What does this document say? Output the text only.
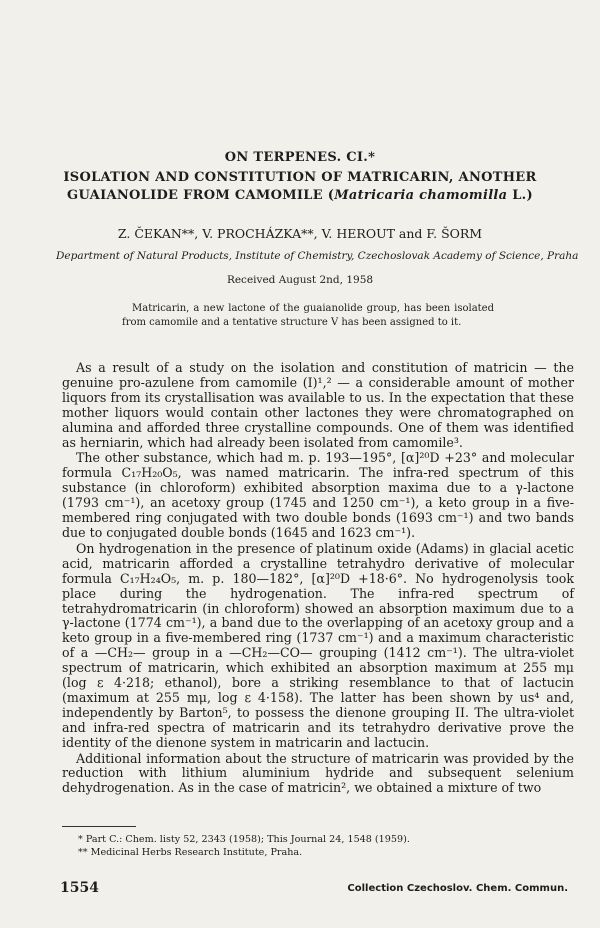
ON TERPENES. CI.*
ISOLATION AND CONSTITUTION OF MATRICARIN, ANOTHER
GUAIANOLIDE FROM CAMOMILE (Matricaria chamomilla L.)
Z. ČEKAN**, V. PROCHÁZKA**, V. HEROUT and F. ŠORM
Department of Natural Products, Institute of Chemistry, Czechoslovak Academy of Science, Praha
Received August 2nd, 1958

Matricarin, a new lactone of the guaianolide group, has been isolated from camomile and a tentative structure V has been assigned to it.

As a result of a study on the isolation and constitution of matricin — the genuine pro-azulene from camomile (I)¹,² — a considerable amount of mother liquors from its crystallisation was available to us. In the expectation that these mother liquors would contain other lactones they were chromatographed on alumina and afforded three crystalline compounds. One of them was identified as herniarin, which had already been isolated from camomile³.

The other substance, which had m. p. 193—195°, [α]²⁰D +23° and molecular formula C₁₇H₂₀O₅, was named matricarin. The infra-red spectrum of this substance (in chloroform) exhibited absorption maxima due to a γ-lactone (1793 cm⁻¹), an acetoxy group (1745 and 1250 cm⁻¹), a keto group in a five-membered ring conjugated with two double bonds (1693 cm⁻¹) and two bands due to conjugated double bonds (1645 and 1623 cm⁻¹).

On hydrogenation in the presence of platinum oxide (Adams) in glacial acetic acid, matricarin afforded a crystalline tetrahydro derivative of molecular formula C₁₇H₂₄O₅, m. p. 180—182°, [α]²⁰D +18·6°. No hydrogenolysis took place during the hydrogenation. The infra-red spectrum of tetrahydromatricarin (in chloroform) showed an absorption maximum due to a γ-lactone (1774 cm⁻¹), a band due to the overlapping of an acetoxy group and a keto group in a five-membered ring (1737 cm⁻¹) and a maximum characteristic of a —CH₂— group in a —CH₂—CO— grouping (1412 cm⁻¹). The ultra-violet spectrum of matricarin, which exhibited an absorption maximum at 255 mμ (log ε 4·218; ethanol), bore a striking resemblance to that of lactucin (maximum at 255 mμ, log ε 4·158). The latter has been shown by us⁴ and, independently by Barton⁵, to possess the dienone grouping II. The ultra-violet and infra-red spectra of matricarin and its tetrahydro derivative prove the identity of the dienone system in matricarin and lactucin.

Additional information about the structure of matricarin was provided by the reduction with lithium aluminium hydride and subsequent selenium dehydrogenation. As in the case of matricin², we obtained a mixture of two

* Part C.: Chem. listy 52, 2343 (1958); This Journal 24, 1548 (1959).
** Medicinal Herbs Research Institute, Praha.
1554	Collection Czechoslov. Chem. Commun.
